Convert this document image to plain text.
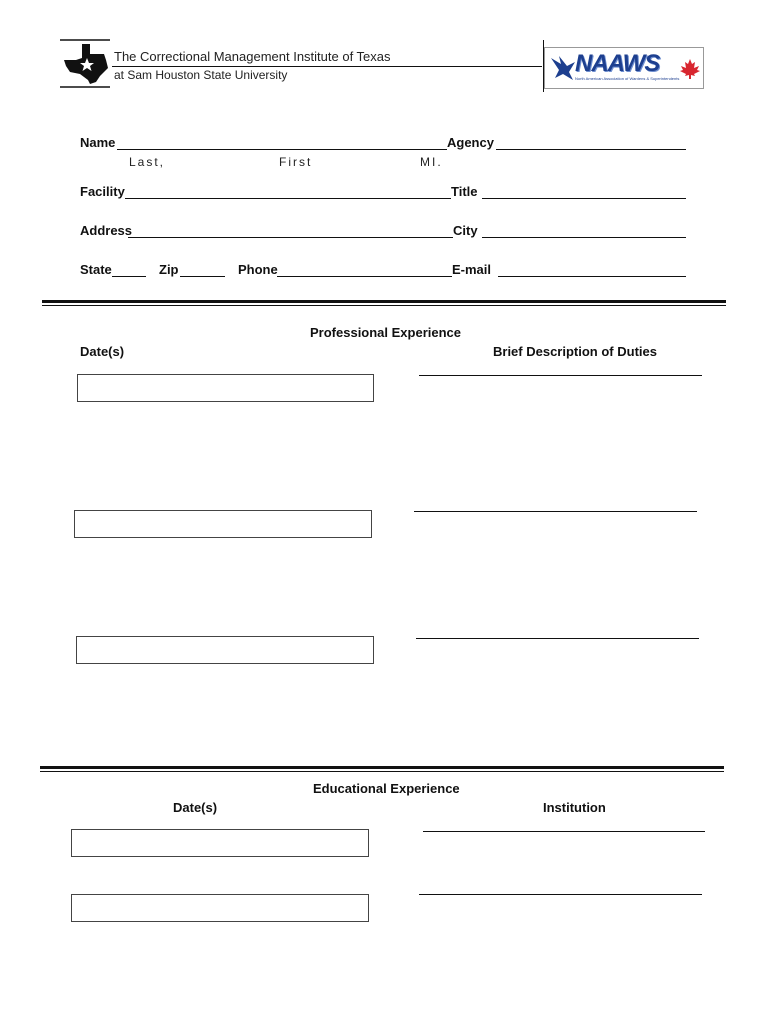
The Correctional Management Institute of Texas
at Sam Houston State University	NAAWS
North American Association of Wardens & Superintendents
Name	Agency
Last,	First	MI.
Facility	Title
Address	City
State	Zip	Phone	E-mail
Professional Experience
Date(s)	Brief Description of Duties
Educational Experience
Date(s)	Institution
